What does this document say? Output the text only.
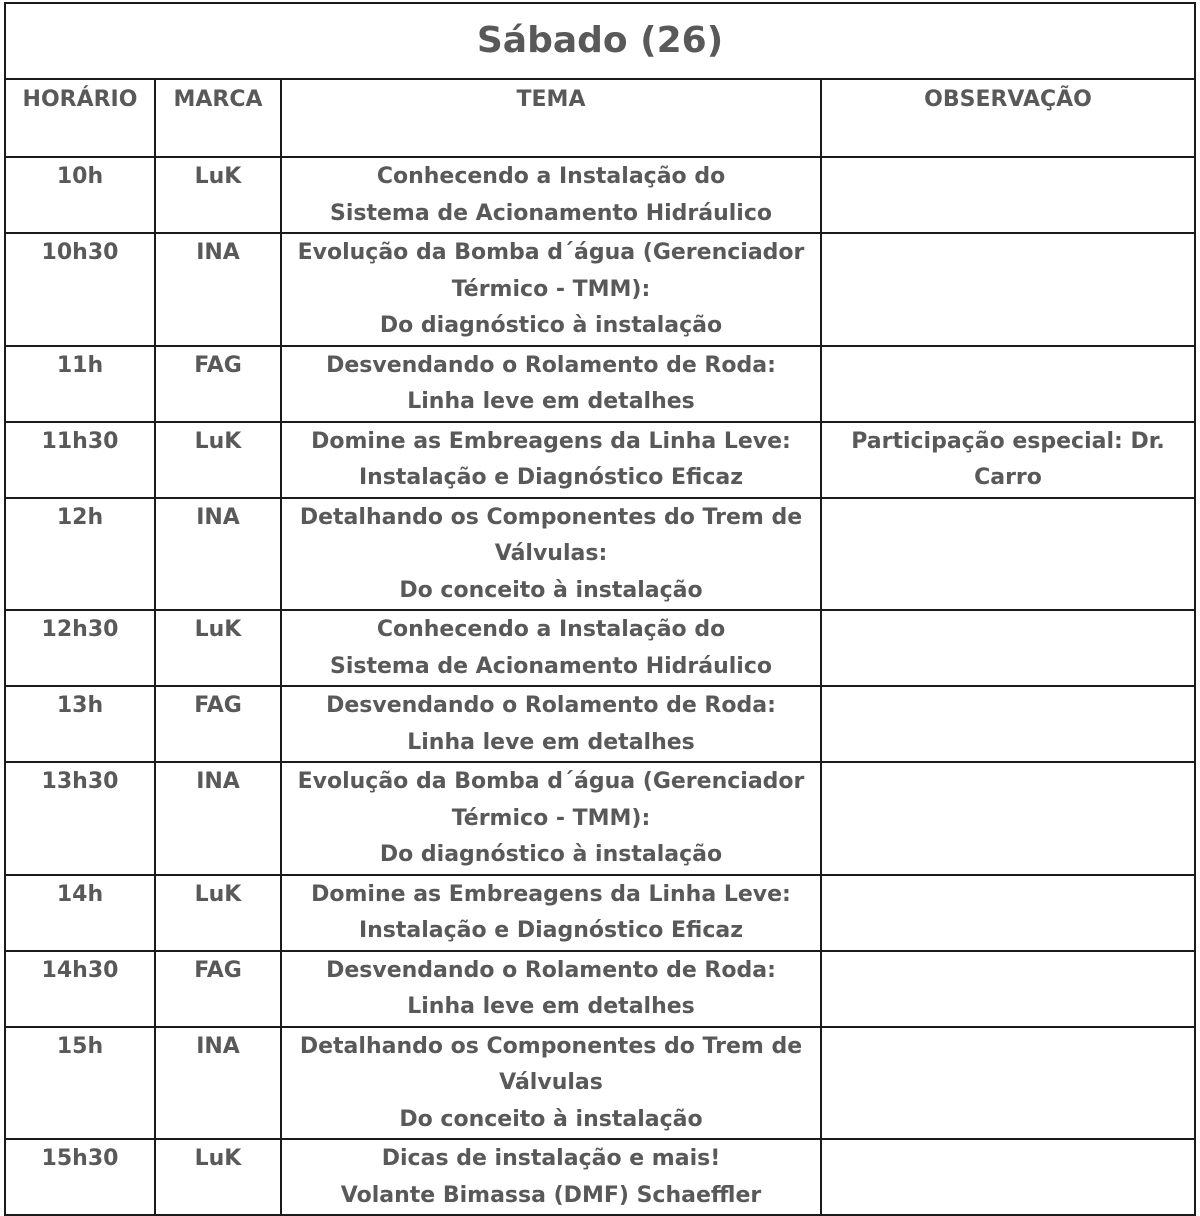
Sábado (26)			
HORÁRIO	MARCA	TEMA	OBSERVAÇÃO

10h	LuK	Conhecendo a Instalação do
Sistema de Acionamento Hidráulico	

10h30	INA	Evolução da Bomba d´água (Gerenciador
Térmico - TMM):
Do diagnóstico à instalação	

11h	FAG	Desvendando o Rolamento de Roda:
Linha leve em detalhes	

11h30	LuK	Domine as Embreagens da Linha Leve:
Instalação e Diagnóstico Eficaz	Participação especial: Dr.
Carro

12h	INA	Detalhando os Componentes do Trem de
Válvulas:
Do conceito à instalação	

12h30	LuK	Conhecendo a Instalação do
Sistema de Acionamento Hidráulico	

13h	FAG	Desvendando o Rolamento de Roda:
Linha leve em detalhes	

13h30	INA	Evolução da Bomba d´água (Gerenciador
Térmico - TMM):
Do diagnóstico à instalação	

14h	LuK	Domine as Embreagens da Linha Leve:
Instalação e Diagnóstico Eficaz	

14h30	FAG	Desvendando o Rolamento de Roda:
Linha leve em detalhes	

15h	INA	Detalhando os Componentes do Trem de
Válvulas
Do conceito à instalação	

15h30	LuK	Dicas de instalação e mais!
Volante Bimassa (DMF) Schaeffler	
